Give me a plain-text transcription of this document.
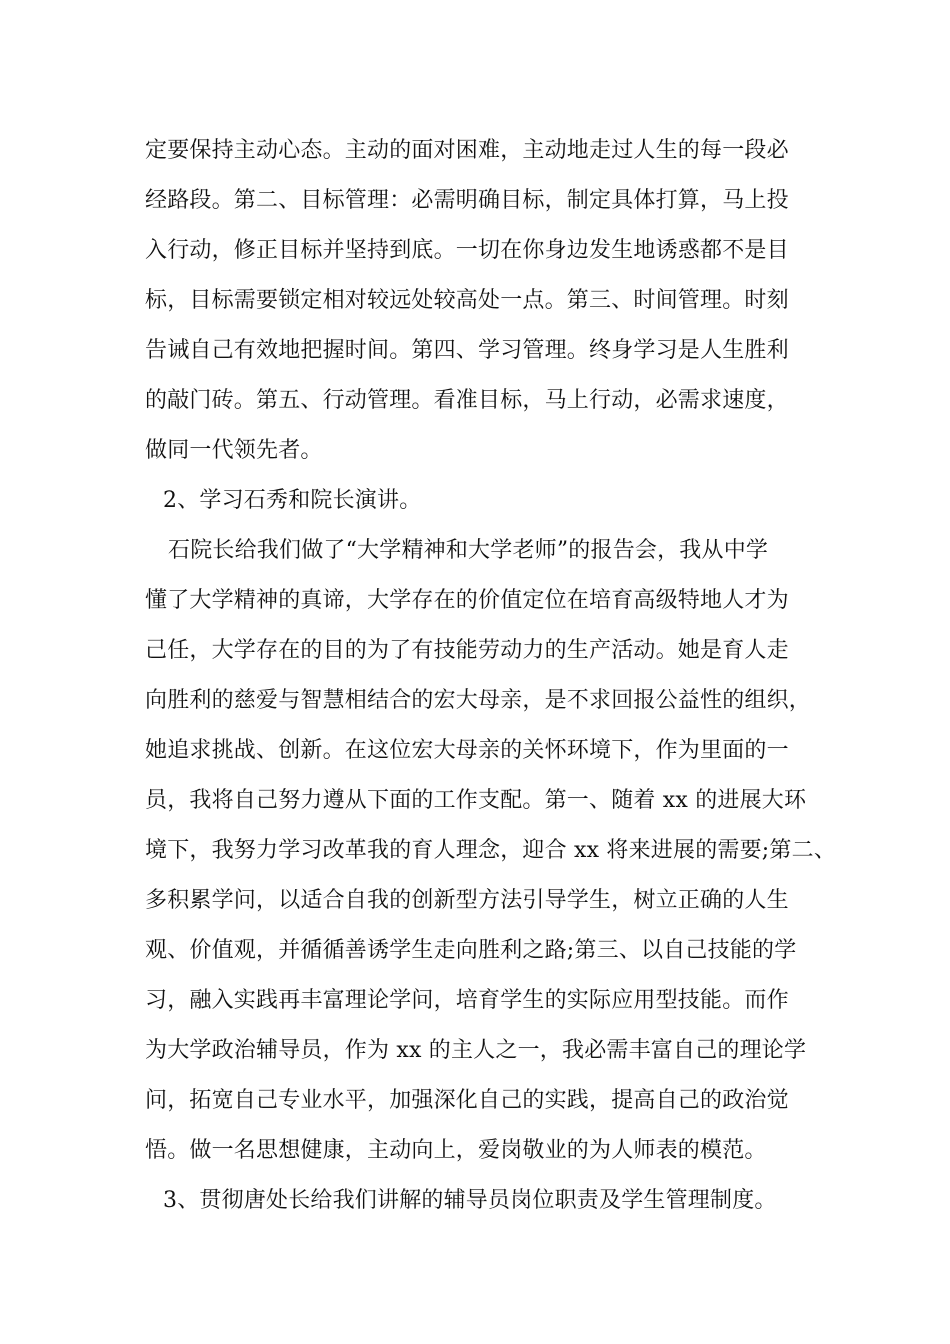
定要保持主动心态。主动的面对困难，主动地走过人生的每一段必
经路段。第二、目标管理：必需明确目标，制定具体打算，马上投
入行动，修正目标并坚持到底。一切在你身边发生地诱惑都不是目
标，目标需要锁定相对较远处较高处一点。第三、时间管理。时刻
告诫自己有效地把握时间。第四、学习管理。终身学习是人生胜利
的敲门砖。第五、行动管理。看准目标，马上行动，必需求速度，
做同一代领先者。
2、学习石秀和院长演讲。
石院长给我们做了“大学精神和大学老师”的报告会，我从中学
懂了大学精神的真谛，大学存在的价值定位在培育高级特地人才为
己任，大学存在的目的为了有技能劳动力的生产活动。她是育人走
向胜利的慈爱与智慧相结合的宏大母亲，是不求回报公益性的组织，
她追求挑战、创新。在这位宏大母亲的关怀环境下，作为里面的一
员，我将自己努力遵从下面的工作支配。第一、随着 xx 的进展大环
境下，我努力学习改革我的育人理念，迎合 xx 将来进展的需要;第二、
多积累学问，以适合自我的创新型方法引导学生，树立正确的人生
观、价值观，并循循善诱学生走向胜利之路;第三、以自己技能的学
习，融入实践再丰富理论学问，培育学生的实际应用型技能。而作
为大学政治辅导员，作为 xx 的主人之一，我必需丰富自己的理论学
问，拓宽自己专业水平，加强深化自己的实践，提高自己的政治觉
悟。做一名思想健康，主动向上，爱岗敬业的为人师表的模范。
3、贯彻唐处长给我们讲解的辅导员岗位职责及学生管理制度。
